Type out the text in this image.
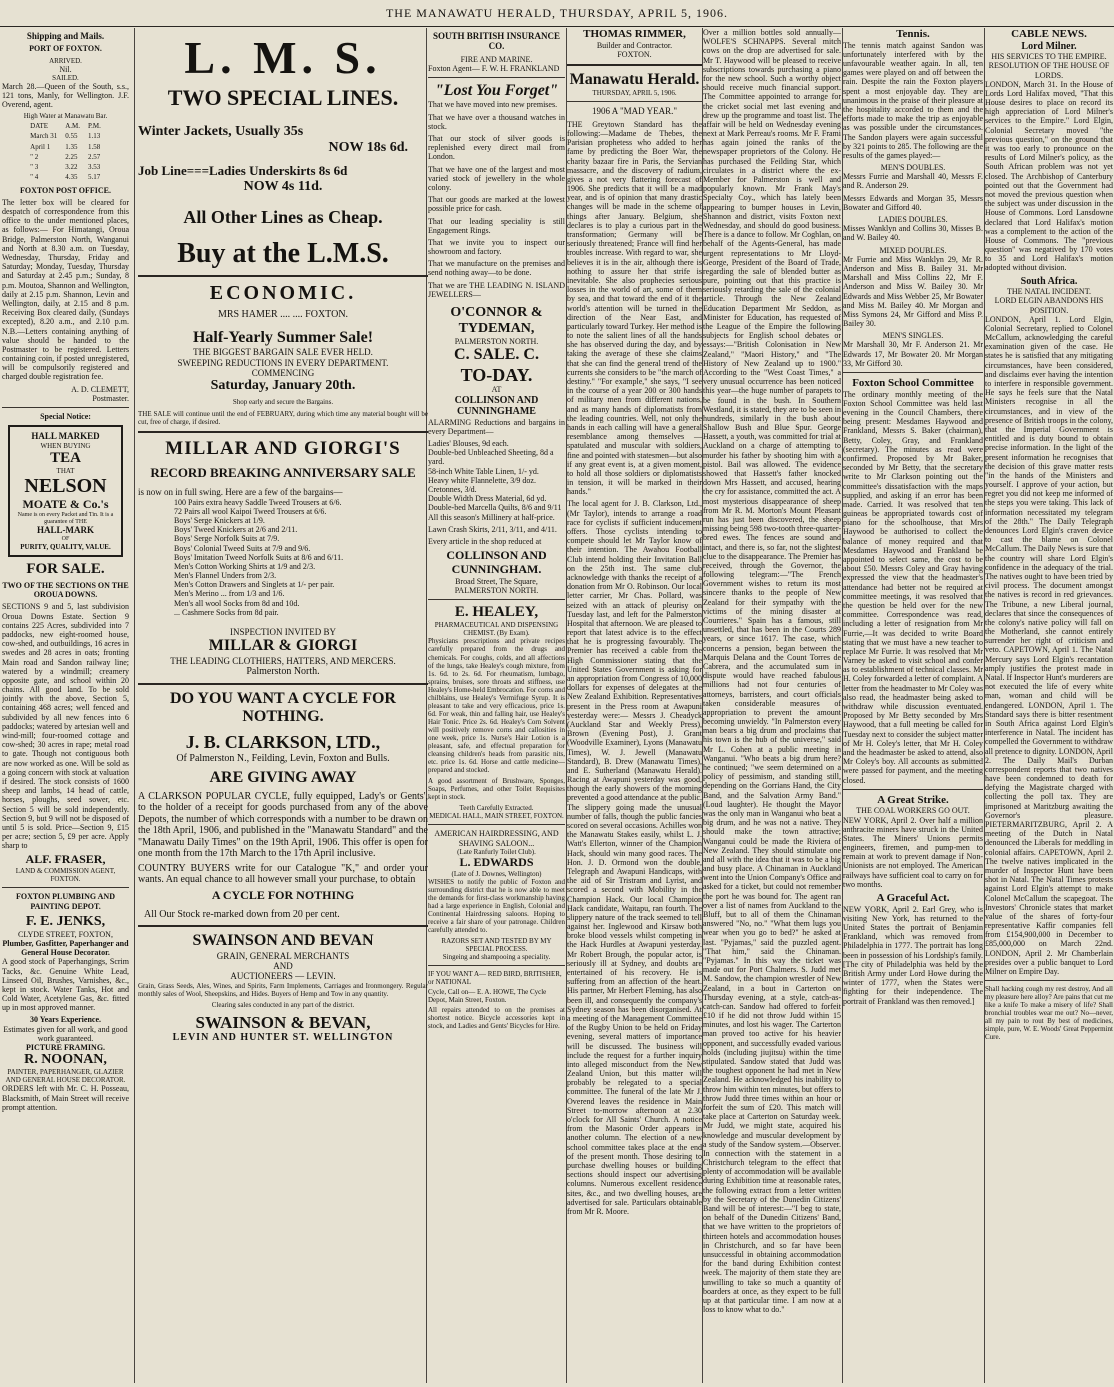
THE MANAWATU HERALD, THURSDAY, APRIL 5, 1906.
Shipping and Mails.
PORT OF FOXTON.
ARRIVED.
Nil.
SAILED.

March 28.—Queen of the South, s.s., 121 tons, Manly, for Wellington. J.F. Overend, agent.

High Water at Manawatu Bar.
DATE	A.M.	P.M.
March 31	0.55	1.13
April 1	1.35	1.58
" 2	2.25	2.57
" 3	3.22	3.53
" 4	4.35	5.17
FOXTON POST OFFICE.

The letter box will be cleared for despatch of correspondence from this office to the under mentioned places, as follows:— For Himatangi, Oroua Bridge, Palmerston North, Wanganui and North at 8.30 a.m. on Tuesday, Wednesday, Thursday, Friday and Saturday; Monday, Tuesday, Thursday and Saturday at 2.45 p.m.; Sunday, 8 p.m. Moutoa, Shannon and Wellington, daily at 2.15 p.m. Shannon, Levin and Wellington, daily, at 2.15 and 8 p.m. Receiving Box cleared daily, (Sundays excepted), 8.20 a.m., and 2.10 p.m. N.B.—Letters containing anything of value should be handed to the Postmaster to be registered. Letters containing coin, if posted unregistered, will be compulsorily registered and charged double registration fee.

A. D. CLEMETT,
Postmaster.
Special Notice:
HALL MARKED
WHEN BUYING
TEA
THAT
NELSON
MOATE & Co.'s
Name is on every Packet and Tin. It is a guarantee of THE
HALL-MARK
OF
PURITY, QUALITY, VALUE.
FOR SALE.
TWO OF THE SECTIONS ON THE OROUA DOWNS.

SECTIONS 9 and 5, last subdivision Oroua Downs Estate. Section 9 contains 225 Acres, subdivided into 7 paddocks, new eight-roomed house, cow-shed, and outbuildings, 16 acres in swedes and 28 acres in oats; fronting Main road and Sandon railway line; watered by a windmill; creamery opposite gate, and school within 20 chains. All good land. To be sold jointly with the above, Section 5, containing 468 acres; well fenced and subdivided by all new fences into 6 paddocks; watered by artesian well and wind-mill; four-roomed cottage and cow-shed; 30 acres in rape; metal road to gate. Though not contiguous both are now worked as one. Will be sold as a going concern with stock at valuation if desired. The stock consists of 1600 sheep and lambs, 14 head of cattle, horses, ploughs, seed sower, etc. Section 5 will be sold independently. Section 9, but 9 will not be disposed of until 5 is sold. Price—Section 9, £15 per acre; section 5, £9 per acre. Apply sharp to

ALF. FRASER,
LAND & COMMISSION AGENT, FOXTON.
FOXTON PLUMBING AND PAINTING DEPOT.
F. E. JENKS,
CLYDE STREET, FOXTON,
Plumber, Gasfitter, Paperhanger and General House Decorator.

A good stock of Paperhangings, Scrim Tacks, &c. Genuine White Lead, Linseed Oil, Brushes, Varnishes, &c., kept in stock. Water Tanks, Hot and Cold Water, Acetylene Gas, &c. fitted up in most approved manner.

30 Years Experience.
Estimates given for all work, and good work guaranteed.
PICTURE FRAMING.
R. NOONAN,
PAINTER, PAPERHANGER, GLAZIER AND GENERAL HOUSE DECORATOR.

ORDERS left with Mr. C. H. Posseau, Blacksmith, of Main Street will receive prompt attention.

L. M. S.
TWO SPECIAL LINES.
Winter Jackets, Usually 35s
NOW 18s 6d.
Job Line===Ladies Underskirts 8s 6d
NOW 4s 11d.
All Other Lines as Cheap.
Buy at the L.M.S.
ECONOMIC.
MRS HAMER .... .... FOXTON.
Half-Yearly Summer Sale!
THE BIGGEST BARGAIN SALE EVER HELD.
SWEEPING REDUCTIONS IN EVERY DEPARTMENT.
COMMENCING
Saturday, January 20th.
Shop early and secure the Bargains.

THE SALE will continue until the end of FEBRUARY, during which time any material bought will be cut, free of charge, if desired.

MILLAR AND GIORGI'S
RECORD BREAKING ANNIVERSARY SALE
is now on in full swing. Here are a few of the bargains—
100 Pairs extra heavy Saddle Tweed Trousers at 6/6.
72 Pairs all wool Kaipoi Tweed Trousers at 6/6.
Boys' Serge Knickers at 1/9.
Boys' Tweed Knickers at 2/6 and 2/11.
Boys' Serge Norfolk Suits at 7/9.
Boys' Colonial Tweed Suits at 7/9 and 9/6.
Boys' Imitation Tweed Norfolk Suits at 8/6 and 6/11.
Men's Cotton Working Shirts at 1/9 and 2/3.
Men's Flannel Unders from 2/3.
Men's Cotton Drawers and Singlets at 1/- per pair.
Men's Merino ... from 1/3 and 1/6.
Men's all wool Socks from 8d and 10d.
... Cashmere Socks from 8d pair.
INSPECTION INVITED BY
MILLAR & GIORGI
THE LEADING CLOTHIERS, HATTERS, AND MERCERS.
Palmerston North.
DO YOU WANT A CYCLE FOR NOTHING.
J. B. CLARKSON, LTD.,
Of Palmerston N., Feilding, Levin, Foxton and Bulls.
ARE GIVING AWAY

A CLARKSON POPULAR CYCLE, fully equipped, Lady's or Gents', to the holder of a receipt for goods purchased from any of the above Depots, the number of which corresponds with a number to be drawn on the 18th April, 1906, and published in the "Manawatu Standard" and the "Manawatu Daily Times" on the 19th April, 1906. This offer is open for one month from the 17th March to the 17th April inclusive.

COUNTRY BUYERS write for our Catalogue "K," and order your wants. An equal chance to all however small your purchase, to obtain

A CYCLE FOR NOTHING
All Our Stock re-marked down from 20 per cent.
SWAINSON AND BEVAN
GRAIN, GENERAL MERCHANTS
AND
AUCTIONEERS — LEVIN.

Grain, Grass Seeds, Ales, Wines, and Spirits, Farm Implements, Carriages and Ironmongery. Regular monthly sales of Wool, Sheepskins, and Hides. Buyers of Hemp and Tow in any quantity.

Clearing sales conducted in any part of the district.
SWAINSON & BEVAN,
LEVIN AND HUNTER ST. WELLINGTON
SOUTH BRITISH INSURANCE CO.
FIRE AND MARINE.
Foxton Agent— F. W. H. FRANKLAND
"Lost You Forget"

That we have moved into new premises.

That we have over a thousand watches in stock.

That our stock of silver goods is replenished every direct mail from London.

That we have one of the largest and most varied stock of jewellery in the whole colony.

That our goods are marked at the lowest possible price for cash.

That our leading speciality is still Engagement Rings.

That we invite you to inspect our showroom and factory.

That we manufacture on the premises and send nothing away—to be done.

That we are THE LEADING N. ISLAND JEWELLERS—

O'CONNOR & TYDEMAN,
PALMERSTON NORTH.
C. SALE. C.
TO-DAY.
AT
COLLINSON AND
CUNNINGHAME

ALARMING Reductions and bargains in every Department—

Ladies' Blouses, 9d each.
Double-bed Unbleached Sheeting, 8d a yard.
58-inch White Table Linen, 1/- yd.
Heavy white Flannelette, 3/9 doz.
Cretonnes, 3/d.
Double Width Dress Material, 6d yd.
Double-bed Marcella Quilts, 8/6 and 9/11

All this season's Millinery at half-price.

Lawn Crash Skirts, 2/11, 3/11, and 4/11.

Every article in the shop reduced at

COLLINSON AND
CUNNINGHAM.
Broad Street, The Square, PALMERSTON NORTH.
E. HEALEY,
PHARMACEUTICAL AND DISPENSING CHEMIST. (By Exam).

Physicians prescriptions and private recipes carefully prepared from the drugs and chemicals. For coughs, colds, and all affections of the lungs, take Healey's cough mixture, from 1s. 6d. to 2s. 6d. For rheumatism, lumbago, sprains, bruises, sore throats and stiffness, use Healey's Home-held Embrocation. For corns and chilblains, use Healey's Vermifuge Syrup. It is pleasant to take and very efficacious, price 1s. 6d. For weak, thin and falling hair, use Healey's Hair Tonic. Price 2s. 6d. Healey's Corn Solvent will positively remove corns and callosities in one week, price 1s. Nurse's Hair Lotion is a pleasant, safe, and effectual preparation for cleansing children's heads from parasitic nits, etc. price 1s. 6d. Horse and cattle medicine—prepared and stocked.

A good assortment of Brushware, Sponges, Soaps, Perfumes, and other Toilet Requisites kept in stock.

Teeth Carefully Extracted.
MEDICAL HALL, MAIN STREET, FOXTON.
AMERICAN HAIRDRESSING, AND SHAVING SALOON...
(Late Ranfurly Toilet Club).
L. EDWARDS
(Late of J. Downes, Wellington)

WISHES to notify the public of Foxton and surrounding district that he is now able to meet the demands for first-class workmanship having had a large experience in English, Colonial and Continental Hairdressing saloons. Hoping to receive a fair share of your patronage. Children carefully attended to.

RAZORS SET AND TESTED BY MY SPECIAL PROCESS.
Singeing and shampooing a speciality.

IF YOU WANT A— RED BIRD, BRITISHER, or NATIONAL

Cycle, Call on— E. A. HOWE, The Cycle Depot, Main Street, Foxton.

All repairs attended to on the premises at shortest notice. Bicycle accessories kept in stock, and Ladies and Gents' Bicycles for Hire.

THOMAS RIMMER,
Builder and Contractor.
FOXTON.
Manawatu Herald.
THURSDAY, APRIL 5, 1906.
1906 A "MAD YEAR."

THE Greytown Standard has the following:—Madame de Thebes, the Parisian prophetess who added to her fame by predicting the Boer War, the charity bazaar fire in Paris, the Servian massacre, and the discovery of radium, gives a not very flattering forecast of 1906. She predicts that it will be a mad year, and is of opinion that many drastic changes will be made in the scheme of things after January. Belgium, she declares is to play a curious part in the transformation; Germany will be seriously threatened; France will find her troubles increase. With regard to war, she believes it is in the air, although there is nothing to assure her that strife is inevitable. She also prophecies serious losses in the world of art, some of them by sea, and that toward the end of it the world's attention will be turned in the direction of the Near East, and particularly toward Turkey. Her method is to note the salient lines of all the hands she has observed during the day, and by taking the average of these she claims that she can find the general trend of the currents she considers to be "the march of destiny." "For example," she says, "I see in the course of a year 200 or 300 hands of military men from different nations, and as many hands of diplomatists from the leading countries. Well, not only the hands in each calling will have a general resemblance among themselves — spatulated and muscular with soldiers, fine and pointed with statesmen—but also if any great event is, at a given moment, to hold all those soldiers or diplomatists in tension, it will be marked in their hands."

The local agent for J. B. Clarkson, Ltd., (Mr Taylor), intends to arrange a road race for cyclists if sufficient inducement offers. Those cyclists intending to compete should let Mr Taylor know of their intention. The Awahou Football Club intend holding their Invitation Ball on the 25th inst. The same club acknowledge with thanks the receipt of a donation from Mr O. Robinson. Our local letter carrier, Mr Chas. Pollard, was seized with an attack of pleurisy on Tuesday last, and left for the Palmerston Hospital that afternoon. We are pleased to report that latest advice is to the effect that he is progressing favourably. The Premier has received a cable from the High Commissioner stating that the United States Government is asking for an appropriation from Congress of 10,000 dollars for expenses of delegates at the New Zealand Exhibition. Representatives present in the Press room at Awapuni yesterday were:— Messrs J. Cheadyck (Auckland Star and Weekly Press), Brown (Evening Post), J. Grant (Woodville Examiner), Lyons (Manawatu Times), W. J. Jewell (Manawatu Standard), B. Drew (Manawatu Times), and E. Sutherland (Manawatu Herald). Racing at Awapuni yesterday was good, though the early showers of the morning prevented a good attendance at the public. The slippery going made the unusual number of falls, though the public fancies scored on several occasions. Achilles won the Manawatu Stakes easily, whilst L. J. Watt's Ellerton, winner of the Champion Hack, should win many good races. The Hon. J. D. Ormond won the double, Telegraph and Awapuni Handicaps, with the aid of Sir Tristram and Lyrist, and scored a second with Mobility in the Champion Hack. Our local Champion Hack candidate, Waitapu, ran fourth. The slippery nature of the track seemed to tell against her. Inglewood and Kirsaw both broke blood vessels whilst competing in the Hack Hurdles at Awapuni yesterday. Mr Robert Brough, the popular actor, is seriously ill at Sydney, and doubts are entertained of his recovery. He is suffering from an affection of the heart. His partner, Mr Herbert Fleming, has also been ill, and consequently the company's Sydney season has been disorganised. At a meeting of the Management Committee of the Rugby Union to be held on Friday evening, several matters of importance will be discussed. The business will include the request for a further inquiry into alleged misconduct from the New Zealand Union, but this matter will probably be relegated to a special committee. The funeral of the late Mr J. Overend leaves the residence in Main Street to-morrow afternoon at 2.30 o'clock for All Saints' Church. A notice from the Masonic Order appears in another column. The election of a new school committee takes place at the end of the present month. Those desiring to purchase dwelling houses or building sections should inspect our advertising columns. Numerous excellent residence sites, &c., and two dwelling houses, are advertised for sale. Particulars obtainable from Mr R. Moore.

Over a million bottles sold annually—WOLFE'S SCHNAPPS. Several mitch cows on the drop are advertised for sale. Mr T. Haywood will be pleased to receive subscriptions towards purchasing a piano for the new school. Such a worthy object should receive much financial support. The Committee appointed to arrange for the cricket social met last evening and drew up the programme and toast list. The affair will be held on Wednesday evening next at Mark Perreau's rooms. Mr F. Frami has again joined the ranks of the newspaper proprietors of the Colony. He has purchased the Feilding Star, which circulates in a district where the ex-Member for Palmerston is well and popularly known. Mr Frank May's Specialty Coy., which has lately been appearing to bumper houses in Levin, Shannon and district, visits Foxton next Wednesday, and should do good business. There is a dance to follow. Mr Coghlan, on behalf of the Agents-General, has made urgent representations to Mr Lloyd-George, President of the Board of Trade, regarding the sale of blended butter as pure, pointing out that this practice is seriously retarding the sale of the colonial article. Through the New Zealand Education Department Mr Seddon, as Minister for Education, has requested of the League of the Empire the following subjects for English school debates or essays:—"British Colonisation in New Zealand," "Maori History," and "The History of New Zealand up to 1900." According to the "West Coast Times," a very unusual occurrence has been noticed this year—the huge number of parapets to be found in the bush. In Southern Westland, it is stated, they are to be seen in hundreds, similarly in the bush about Shallow Bush and Blue Spur. George Hassett, a youth, was committed for trial at Auckland on a charge of attempting to murder his father by shooting him with a pistol. Bail was allowed. The evidence showed that Hassett's father knocked down Mrs Hassett, and accused, hearing the cry for assistance, committed the act. A most mysterious disappearance of sheep from Mr R. M. Morton's Mount Pleasant run has just been discovered, the sheep missing being 598 two-tooth three-quarter-bred ewes. The fences are sound and intact, and there is, so far, not the slightest clue to the disappearance. The Premier has received, through the Governor, the following telegram:—"The French Government wishes to return its most sincere thanks to the people of New Zealand for their sympathy with the victims of the mining disaster at Courrieres." Spain has a famous, still unsettled, that has been in the Courts 289 years, or since 1617. The case, which concerns a pension, began between the Marquis Delana and the Count Torres de Cabrera, and the accumulated sum in dispute would have reached fabulous millions had not four centuries of attorneys, barristers, and court officials taken considerable measures of appropriation to prevent the amount becoming unwieldy. "In Palmerston every man bears a big drum and proclaims that his town is the hub of the universe," said Mr L. Cohen at a public meeting in Wanganui. "Who beats a big drum here? he continued; "we seem determined on a policy of pessimism, and standing still, depending on the Gorrians Hand, the City Band, and the Salvation Army Band." (Loud laughter). He thought the Mayor was the only man in Wanganui who beat a big drum, and he was not a native. They should make the town attractive; Wanganui could be made the Riviera of New Zealand. They should stimulate one and all with the idea that it was to be a big and busy place. A Chinaman in Auckland went into the Union Company's Office and asked for a ticket, but could not remember the port he was bound for. The agent ran over a list of names from Auckland to the Bluff, but to all of them the Chinaman answered "No, no." "What them lugs you wear when you go to bed?" he asked at last. "Pyjamas," said the puzzled agent. "That him," said the Chinaman. "Pyjamas." In this way the ticket was made out for Port Chalmers. S. Judd met M. Sandow, the champion wrestler of New Zealand, in a bout in Carterton on Thursday evening, at a style, catch-as-catch-can. Sandow had offered to forfeit £10 if he did not throw Judd within 15 minutes, and lost his wager. The Carterton man proved too active for his heavier opponent, and successfully evaded various holds (including jiujitsu) within the time stipulated. Sandow stated that Judd was the toughest opponent he had met in New Zealand. He acknowledged his inability to throw him within ten minutes, but offers to throw Judd three times within an hour or forfeit the sum of £20. This match will take place at Carterton on Saturday week. Mr Judd, we might state, acquired his knowledge and muscular development by a study of the Sandow system.—Observer. In connection with the statement in a Christchurch telegram to the effect that plenty of accommodation will be available during Exhibition time at reasonable rates, the following extract from a letter written by the Secretary of the Dunedin Citizens' Band will be of interest:—"I beg to state, on behalf of the Dunedin Citizens' Band, that we have written to the proprietors of thirteen hotels and accommodation houses in Christchurch, and so far have been unsuccessful in obtaining accommodation for the band during Exhibition contest week. The majority of them state they are unwilling to take so much a quantity of boarders at once, as they expect to be full up at that particular time. I am now at a loss to know what to do."

Tennis.

The tennis match against Sandon was unfortunately interfered with by the unfavourable weather again. In all, ten games were played on and off between the rain. Despite the rain the Foxton players spent a most enjoyable day. They are unanimous in the praise of their pleasure at the hospitality accorded to them and the efforts made to make the trip as enjoyable as was possible under the circumstances. The Sandon players were again successful by 321 points to 285. The following are the results of the games played:—

MEN'S DOUBLES.

Messrs Furrie and Marshall 40, Messrs F. and R. Anderson 29.

Messrs Edwards and Morgan 35, Messrs Bowater and Gifford 40.

LADIES DOUBLES.

Misses Wanklyn and Collins 30, Misses B. and W. Bailey 40.

MIXED DOUBLES.

Mr Furrie and Miss Wanklyn 29, Mr R. Anderson and Miss B. Bailey 31. Mr Marshall and Miss Collins 22, Mr F. Anderson and Miss W. Bailey 30. Mr Edwards and Miss Webber 25, Mr Bowater and Miss M. Bailey 40. Mr Morgan and Miss Symons 24, Mr Gifford and Miss P. Bailey 30.

MEN'S SINGLES.

Mr Marshall 30, Mr F. Anderson 21. Mr Edwards 17, Mr Bowater 20. Mr Morgan 33, Mr Gifford 30.

Foxton School Committee

The ordinary monthly meeting of the Foxton School Committee was held last evening in the Council Chambers, there being present: Mesdames Haywood and Frankland, Messrs S. Baker (chairman), Betty, Coley, Gray, and Frankland (secretary). The minutes as read were confirmed. Proposed by Mr Baker, seconded by Mr Betty, that the secretary write to Mr Clarkson pointing out the committee's dissatisfaction with the maps supplied, and asking if an error has been made. Carried. It was resolved that ten guineas be appropriated towards cost of piano for the schoolhouse, that Mrs Haywood be authorised to collect the balance of money required and that Mesdames Haywood and Frankland be appointed to select same, the cost to be about £50. Messrs Coley and Gray having expressed the view that the headmaster's attendance had better not be required at committee meetings, it was resolved that the question be held over for the new committee. Correspondence was read, including a letter of resignation from Mr Furrie,—It was decided to write Board stating that we must have a new teacher to replace Mr Furrie. It was resolved that Mr Varney be asked to visit school and confer as to establishment of technical classes. Mr H. Coley forwarded a letter of complaint. A letter from the headmaster to Mr Coley was also read, the headmaster being asked to withdraw while discussion eventuated. Proposed by Mr Betty seconded by Mrs Haywood, that a full meeting be called for Tuesday next to consider the subject matter of Mr H. Coley's letter, that Mr H. Coley and the headmaster be asked to attend, also Mr Coley's boy. All accounts as submitted were passed for payment, and the meeting closed.

A Great Strike.
THE COAL WORKERS GO OUT.

NEW YORK, April 2. Over half a million anthracite miners have struck in the United States. The Miners' Unions permits engineers, firemen, and pump-men to remain at work to prevent damage if Non-Unionists are not employed. The American railways have sufficient coal to carry on for two months.

A Graceful Act.

NEW YORK, April 2. Earl Grey, who is visiting New York, has returned to the United States the portrait of Benjamin Frankland, which was removed from Philadelphia in 1777. The portrait has long been in possession of his Lordship's family. [The city of Philadelphia was held by the British Army under Lord Howe during the winter of 1777, when the States were fighting for their independence. The portrait of Frankland was then removed.]

CABLE NEWS.
Lord Milner.
HIS SERVICES TO THE EMPIRE.
RESOLUTION OF THE HOUSE OF LORDS.

LONDON, March 31. In the House of Lords Lord Halifax moved, "That this House desires to place on record its high appreciation of Lord Milner's services to the Empire." Lord Elgin, Colonial Secretary moved "the previous question," on the ground that it was too early to pronounce on the results of Lord Milner's policy, as the South African problem was not yet closed. The Archbishop of Canterbury pointed out that the Government had not moved the previous question when the subject was under discussion in the House of Commons. Lord Lansdowne declared that Lord Halifax's motion was a complement to the action of the House of Commons. The "previous question" was negatived by 170 votes to 35 and Lord Halifax's motion adopted without division.

South Africa.
THE NATAL INCIDENT.
LORD ELGIN ABANDONS HIS POSITION.

LONDON, April 1. Lord Elgin, Colonial Secretary, replied to Colonel McCallum, acknowledging the careful examination given of the case. He states he is satisfied that any mitigating circumstances, have been considered, and disclaims ever having the intention to interfere in responsible government. He says he feels sure that the Natal Ministers recognise in all the circumstances, and in view of the presence of British troops in the colony, that the Imperial Government is entitled and is duty bound to obtain precise information. In the light of the present information he recognises that the decision of this grave matter rests "in the hands of the Ministers and yourself. I approve of your action, but regret you did not keep me informed of the steps you were taking. This lack of information necessitated my telegram of the 28th." The Daily Telegraph denounces Lord Elgin's craven device to cast the blame on Colonel McCallum. The Daily News is sure that the country will share Lord Elgin's confidence in the adequacy of the trial. The natives ought to have been tried by civil process. The document amongst the natives is record in red grievances. The Tribune, a new Liberal journal, declares that since the consequences of the colony's native policy will fall on the Motherland, she cannot entirely surrender her right of criticism and veto. CAPETOWN, April 1. The Natal Mercury says Lord Elgin's recantation amply justifies the protest made in Natal. If Inspector Hunt's murderers are not executed the life of every white man, woman and child will be endangered. LONDON, April 1. The Standard says there is bitter resentment in South Africa against Lord Elgin's interference in Natal. The incident has compelled the Government to withdraw all pretence to dignity. LONDON, April 2. The Daily Mail's Durban correspondent reports that two natives have been condemned to death for defying the Magistrate charged with collecting the poll tax. They are imprisoned at Maritzburg awaiting the Governor's pleasure. PIETERMARITZBURG, April 2. A meeting of the Dutch in Natal denounced the Liberals for meddling in colonial affairs. CAPETOWN, April 2. The twelve natives implicated in the murder of Inspector Hunt have been shot in Natal. The Natal Times protests against Lord Elgin's attempt to make Colonel McCallum the scapegoat. The Investors' Chronicle states that market value of the shares of forty-four representative Kaffir companies fell from £154,900,000 in December to £85,000,000 on March 22nd. LONDON, April 2. Mr Chamberlain presides over a public banquet to Lord Milner on Empire Day.

Shall hacking cough my rest destroy, And all my pleasure here alloy? Are pains that cut me like a knife To make a misery of life? Shall bronchial troubles wear me out? No—never, all my pain to rout By best of medicines, simple, pure, W. E. Woods' Great Peppermint Cure.
